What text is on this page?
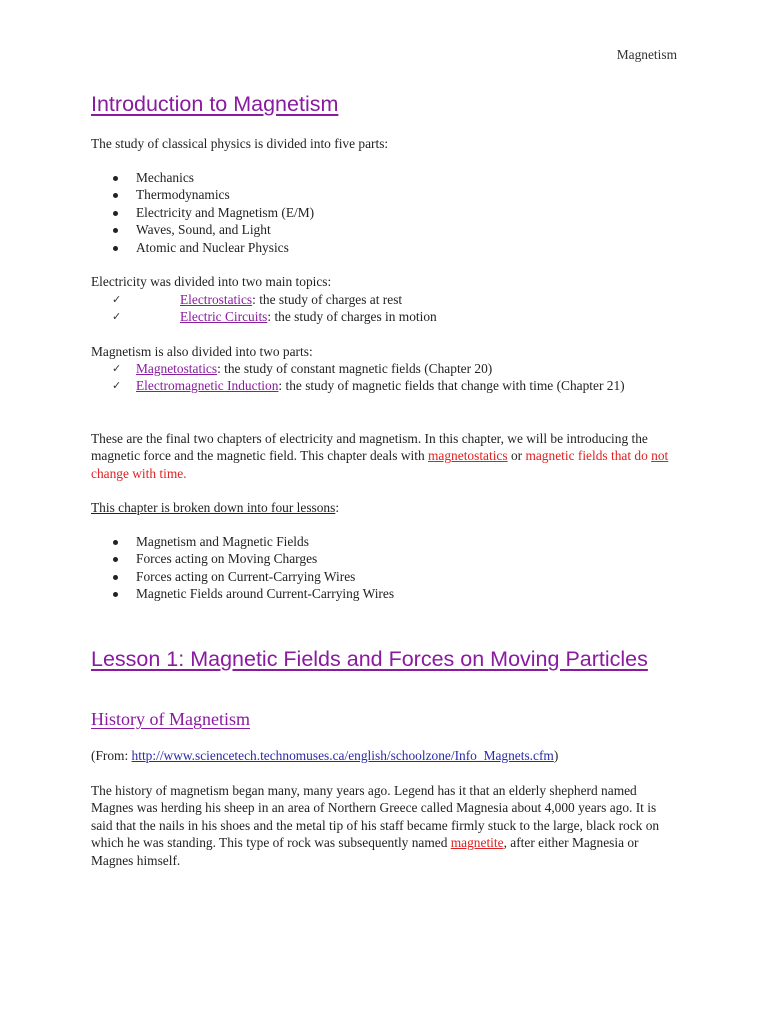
Magnetism
Introduction to Magnetism
The study of classical physics is divided into five parts:
Mechanics
Thermodynamics
Electricity and Magnetism (E/M)
Waves, Sound, and Light
Atomic and Nuclear Physics
Electricity was divided into two main topics:
✓	Electrostatics: the study of charges at rest
✓	Electric Circuits: the study of charges in motion
Magnetism is also divided into two parts:
✓ Magnetostatics: the study of constant magnetic fields (Chapter 20)
✓ Electromagnetic Induction: the study of magnetic fields that change with time (Chapter 21)
These are the final two chapters of electricity and magnetism. In this chapter, we will be introducing the magnetic force and the magnetic field. This chapter deals with magnetostatics or magnetic fields that do not change with time.
This chapter is broken down into four lessons:
Magnetism and Magnetic Fields
Forces acting on Moving Charges
Forces acting on Current-Carrying Wires
Magnetic Fields around Current-Carrying Wires
Lesson 1: Magnetic Fields and Forces on Moving Particles
History of Magnetism
(From: http://www.sciencetech.technomuses.ca/english/schoolzone/Info_Magnets.cfm)
The history of magnetism began many, many years ago. Legend has it that an elderly shepherd named Magnes was herding his sheep in an area of Northern Greece called Magnesia about 4,000 years ago. It is said that the nails in his shoes and the metal tip of his staff became firmly stuck to the large, black rock on which he was standing. This type of rock was subsequently named magnetite, after either Magnesia or Magnes himself.
